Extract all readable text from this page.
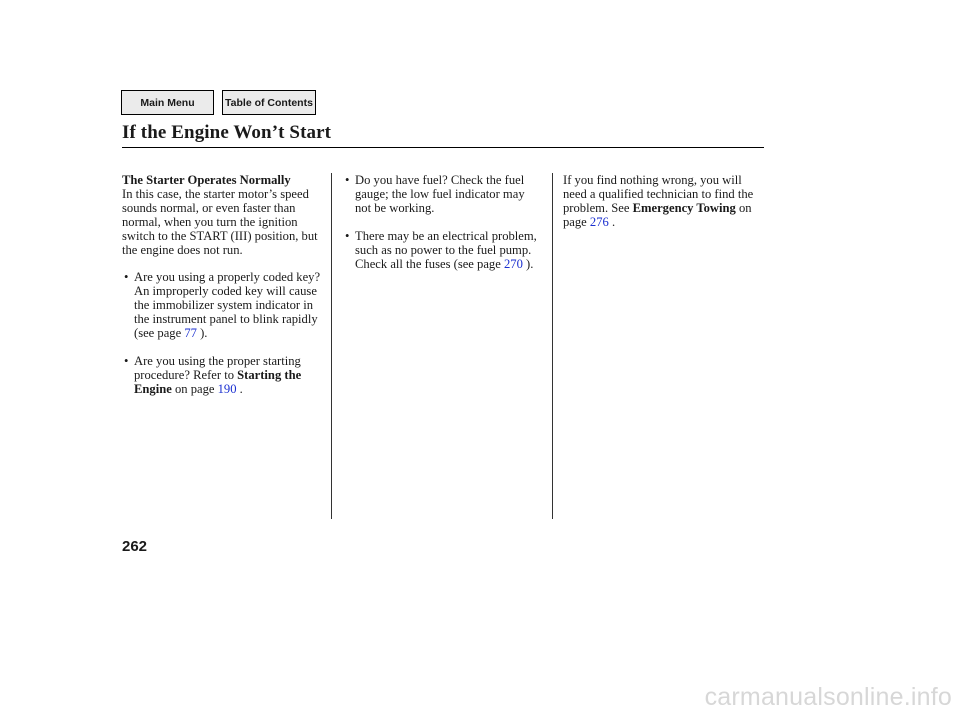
Main Menu	Table of Contents
If the Engine Won’t Start

The Starter Operates Normally

In this case, the starter motor’s speed sounds normal, or even faster than normal, when you turn the ignition switch to the START (III) position, but the engine does not run.

• Are you using a properly coded key? An improperly coded key will cause the immobilizer system indicator in the instrument panel to blink rapidly (see page 77 ).

• Are you using the proper starting procedure? Refer to Starting the Engine on page 190 .

• Do you have fuel? Check the fuel gauge; the low fuel indicator may not be working.

• There may be an electrical problem, such as no power to the fuel pump. Check all the fuses (see page 270 ).

If you find nothing wrong, you will need a qualified technician to find the problem. See Emergency Towing on page 276 .

262
carmanualsonline.info
